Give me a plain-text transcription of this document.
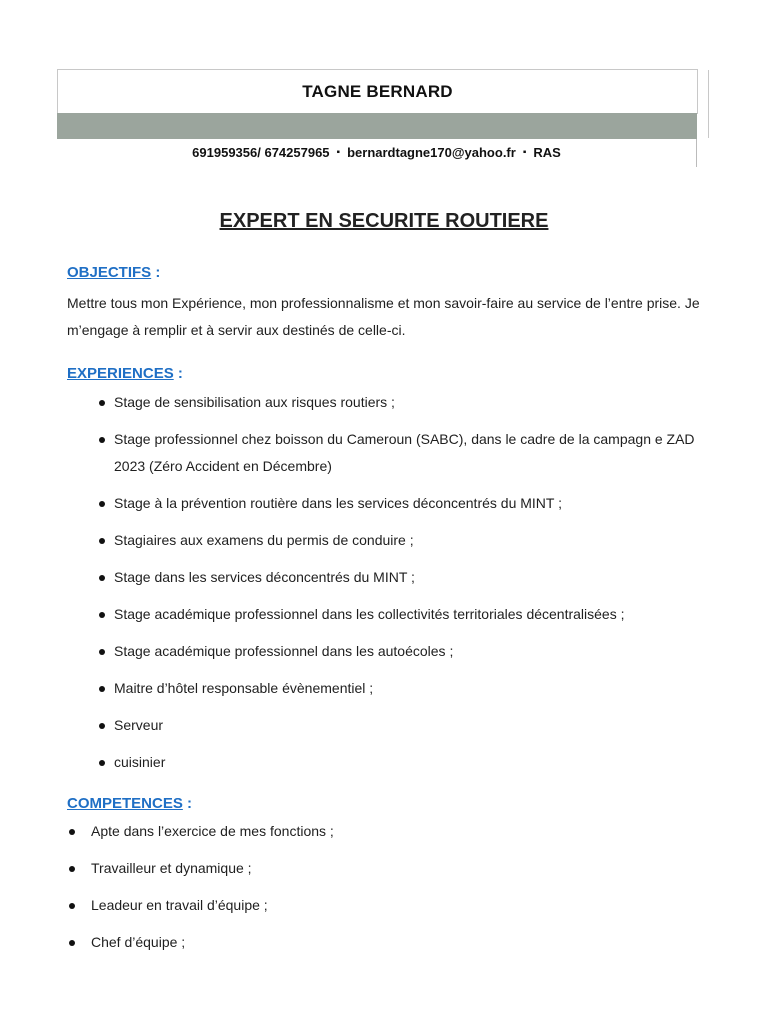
TAGNE BERNARD
691959356/ 674257965 ▪ bernardtagne170@yahoo.fr ▪ RAS
EXPERT EN SECURITE ROUTIERE
OBJECTIFS :
Mettre tous mon Expérience, mon professionnalisme et mon savoir-faire au service de l’entre prise. Je m’engage à remplir et à servir aux destinés de celle-ci.
EXPERIENCES :
Stage de sensibilisation aux risques routiers ;
Stage professionnel chez boisson du Cameroun (SABC), dans le cadre de la campagn e ZAD 2023 (Zéro Accident en Décembre)
Stage à la prévention routière dans les services déconcentrés du MINT ;
Stagiaires aux examens du permis de conduire ;
Stage dans les services déconcentrés du MINT ;
Stage académique professionnel dans les collectivités territoriales décentralisées ;
Stage académique professionnel dans les autoécoles ;
Maitre d’hôtel responsable évènementiel ;
Serveur
cuisinier
COMPETENCES :
Apte dans l’exercice de mes fonctions ;
Travailleur et dynamique ;
Leadeur en travail d’équipe ;
Chef d’équipe ;
